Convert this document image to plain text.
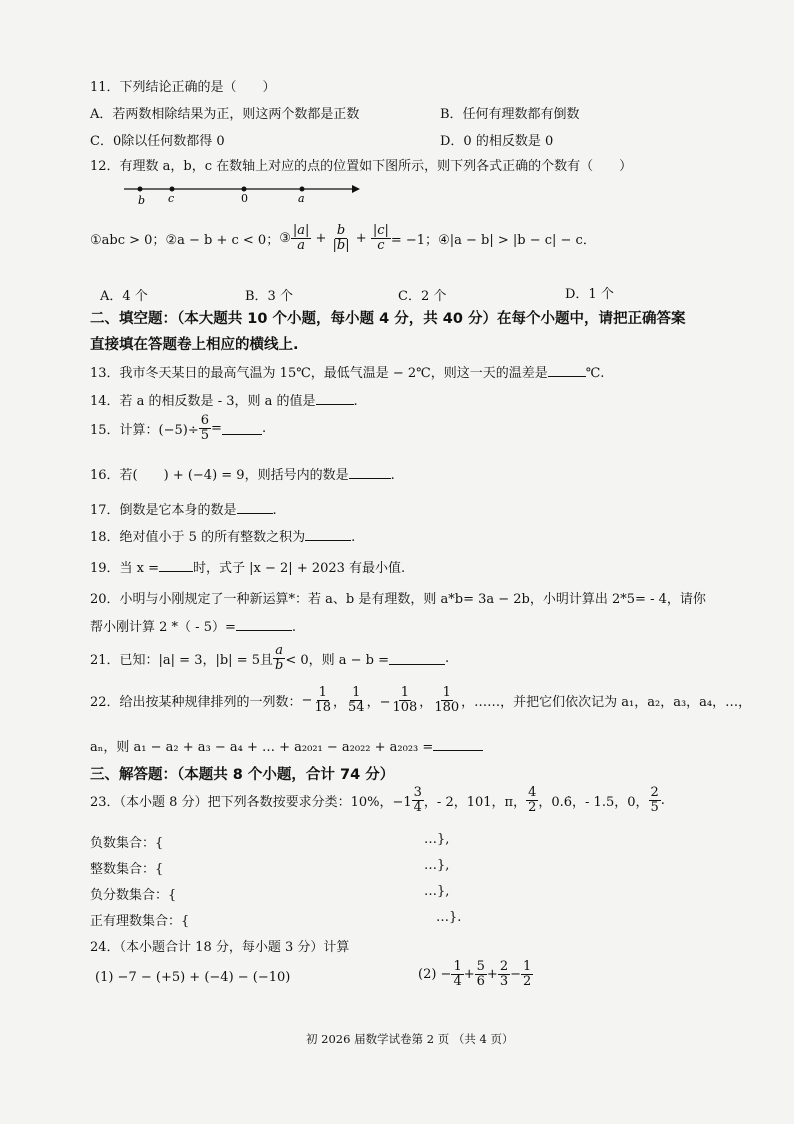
11．下列结论正确的是（　　）
A．若两数相除结果为正，则这两个数都是正数	B．任何有理数都有倒数
C．0除以任何数都得 0	D．0 的相反数是 0
12．有理数 a，b，c 在数轴上对应的点的位置如下图所示，则下列各式正确的个数有（　　）
b c	0	a
①abc > 0； ②a − b + c < 0； ③ $\frac{|a|}{a} + \frac{b}{|b|} + \frac{|c|}{c} = -1$； ④|a − b| > |b − c| − c．
A．4 个	B．3 个	C．2 个	D．1 个
二、填空题：（本大题共 10 个小题，每小题 4 分，共 40 分）在每个小题中，请把正确答案
直接填在答题卷上相应的横线上.
13．我市冬天某日的最高气温为 15℃，最低气温是 − 2℃，则这一天的温差是	℃.
14．若 a 的相反数是 - 3，则 a 的值是	.
15．计算：$(-5)\div \frac{6}{5}$ =	.
16．若(　　) + (−4) = 9，则括号内的数是	.
17．倒数是它本身的数是	.
18．绝对值小于 5 的所有整数之积为	.
19．当 x =	时，式子 |x − 2| + 2023 有最小值.
20．小明与小刚规定了一种新运算*：若 a、b 是有理数，则 a*b= 3a − 2b，小明计算出 2*5= - 4，请你
帮小刚计算 2 *（ - 5）=	.
21．已知：|a| = 3，|b| = 5且 $\frac{a}{b} < 0$，则 a − b =	.
22．给出按某种规律排列的一列数： − $\frac{1}{18}$ ， $\frac{1}{54}$ ，− $\frac{1}{108}$ ， $\frac{1}{180}$ ，……，并把它们依次记为 a₁，a₂，a₃，a₄，…，
aₙ，则 a₁ − a₂ + a₃ − a₄ + … + a₂₀₂₁ − a₂₀₂₂ + a₂₀₂₃ =
三、解答题：（本题共 8 个小题，合计 74 分）
23．（本小题 8 分）把下列各数按要求分类：10%，$-1 \frac{3}{4}$ ，- 2，101，π， $\frac{4}{2}$ ，0.6̇，- 1.5，0， $\frac{2}{5}$ .
负数集合：{	…},
整数集合：{	…},
负分数集合：{	…},
正有理数集合：{	…}.
24．（本小题合计 18 分，每小题 3 分）计算
(1) −7 − (+5) + (−4) − (−10)	$(2) - \frac{1}{4} + \frac{5}{6} + \frac{2}{3} - \frac{1}{2}$
初 2026 届数学试卷第 2 页 （共 4 页）
